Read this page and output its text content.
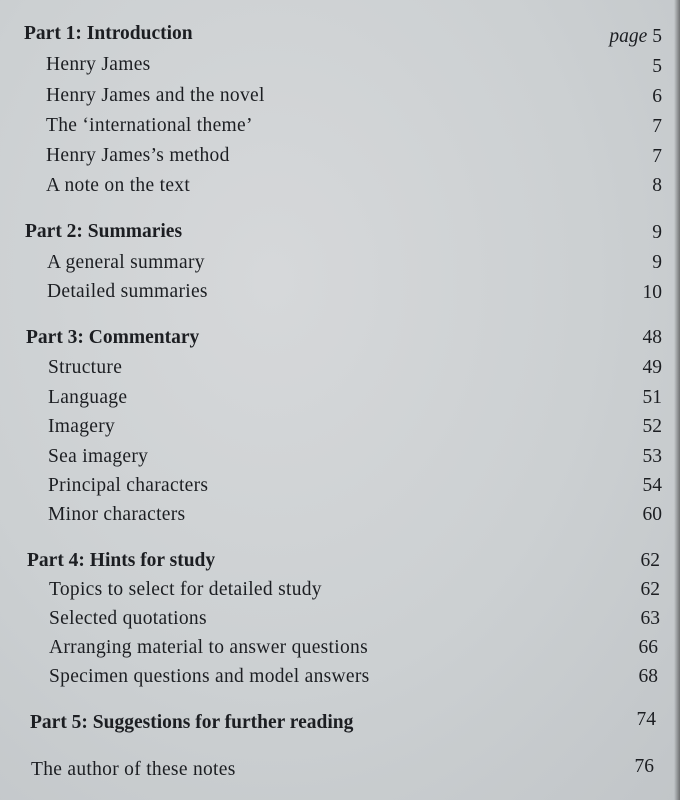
Part 1: Introduction	page 5
Henry James	5
Henry James and the novel	6
The ‘international theme’	7
Henry James’s method	7
A note on the text	8
Part 2: Summaries	9
A general summary	9
Detailed summaries	10
Part 3: Commentary	48
Structure	49
Language	51
Imagery	52
Sea imagery	53
Principal characters	54
Minor characters	60
Part 4: Hints for study	62
Topics to select for detailed study	62
Selected quotations	63
Arranging material to answer questions	66
Specimen questions and model answers	68
Part 5: Suggestions for further reading	74
The author of these notes	76
